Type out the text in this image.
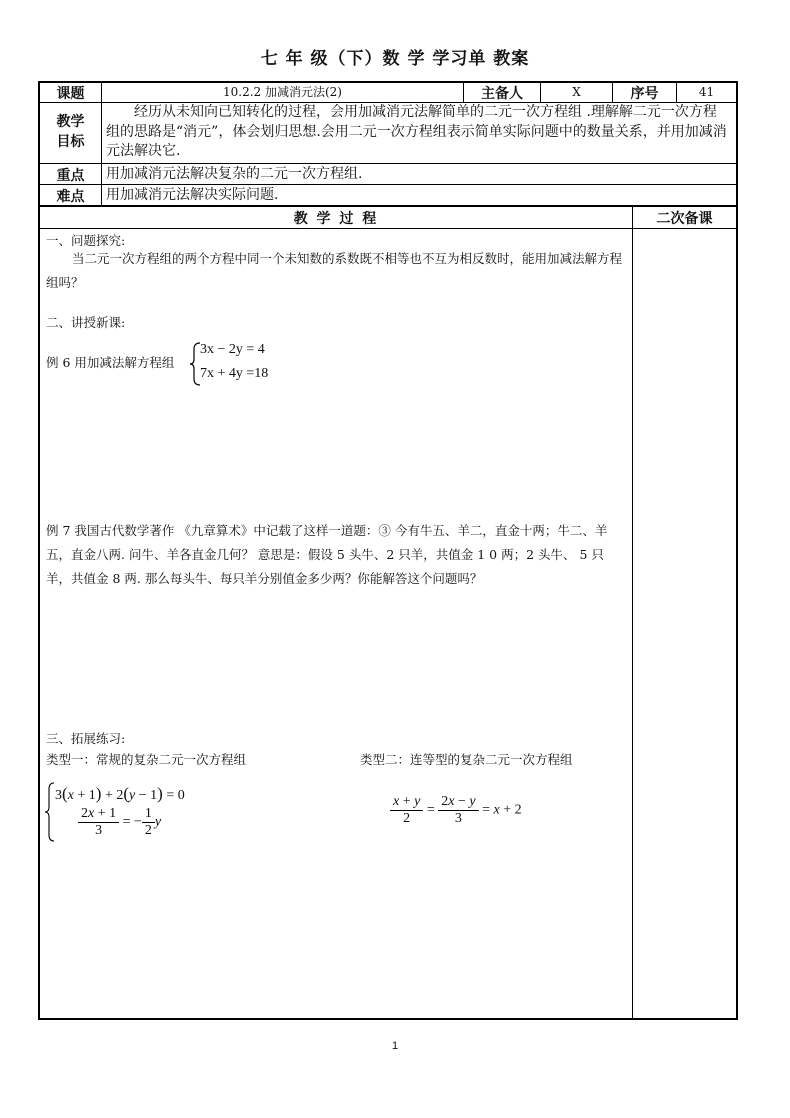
七 年 级（下）数 学 学习单 教案
课题	10.2.2 加减消元法(2)	主备人	X	序号	41
教学
目标
经历从未知向已知转化的过程，会用加减消元法解简单的二元一次方程组 .理解解二元一次方程组的思路是“消元”，体会划归思想.会用二元一次方程组表示简单实际问题中的数量关系，并用加减消元法解决它.
重点	用加减消元法解决复杂的二元一次方程组.
难点	用加减消元法解决实际问题.
教 学 过 程	二次备课
一、问题探究:
当二元一次方程组的两个方程中同一个未知数的系数既不相等也不互为相反数时，能用加减法解方程组吗？
二、讲授新课:
例 6 用加减法解方程组
3x − 2y = 4
7x + 4y =18
例 7 我国古代数学著作 《九章算术》中记载了这样一道题：③ 今有牛五、羊二，直金十两；牛二、羊五，直金八两. 问牛、羊各直金几何？ 意思是：假设 5 头牛、2 只羊，共值金 1 0 两；2 头牛、 5 只羊，共值金 8 两. 那么每头牛、每只羊分别值金多少两？你能解答这个问题吗？
三、拓展练习:
类型一：常规的复杂二元一次方程组	类型二：连等型的复杂二元一次方程组
3(x + 1) + 2(y − 1) = 0
$\frac{2x + 1}{3}$ = − $\frac{1}{2}$ y	$\frac{x + y}{2} = \frac{2x - y}{3} = x + 2$
1
